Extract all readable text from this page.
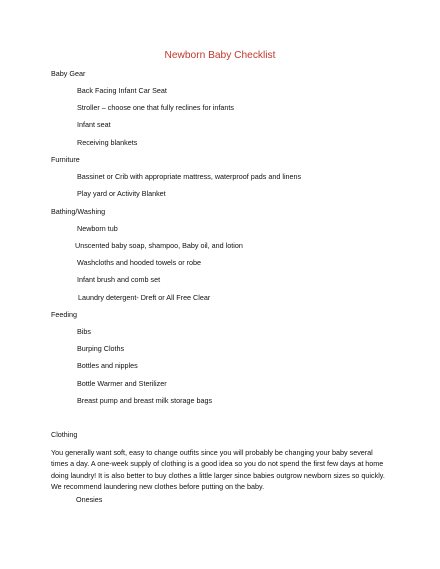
Newborn Baby Checklist
Baby Gear
Back Facing Infant Car Seat
Stroller – choose one that fully reclines for infants
Infant seat
Receiving blankets
Furniture
Bassinet or Crib with appropriate mattress, waterproof pads and linens
Play yard or Activity Blanket
Bathing/Washing
Newborn tub
Unscented baby soap, shampoo, Baby oil, and lotion
Washcloths and hooded towels or robe
Infant brush and comb set
Laundry detergent- Dreft or All Free Clear
Feeding
Bibs
Burping Cloths
Bottles and nipples
Bottle Warmer and Sterilizer
Breast pump and breast milk storage bags
Clothing
You generally want soft, easy to change outfits since you will probably be changing your baby several times a day. A one-week supply of clothing is a good idea so you do not spend the first few days at home doing laundry! It is also better to buy clothes a little larger since babies outgrow newborn sizes so quickly. We recommend laundering new clothes before putting on the baby.
Onesies
